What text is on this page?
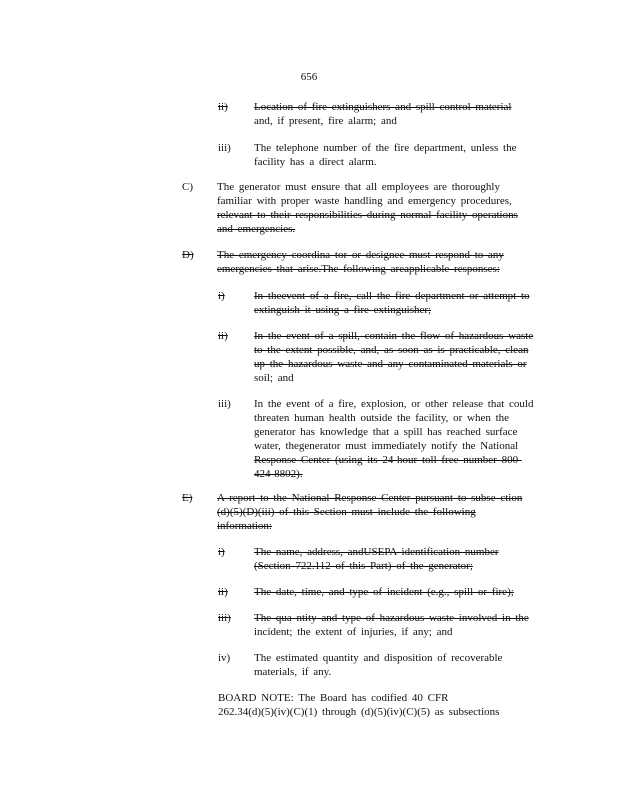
656
ii) Location of fire extinguishers and spill control material
and, if present, fire alarm; and
iii) The telephone number of the fire department, unless the
facility has a direct alarm.
C) The generator must ensure that all employees are thoroughly
familiar with proper waste handling and emergency procedures,
relevant to their responsibilities during normal facility operations
and emergencies.
D) The emergency coordina tor or designee must respond to any
emergencies that arise.The following areapplicable responses:
i)	In theevent of a fire, call the fire department or attempt to
extinguish it using a fire extinguisher;
ii) In the event of a spill, contain the flow of hazardous waste
to the extent possible, and, as soon as is practicable, clean
up the hazardous waste and any contaminated materials or
soil; and
iii) In the event of a fire, explosion, or other release that could
threaten human health outside the facility, or when the
generator has knowledge that a spill has reached surface
water, thegenerator must immediately notify the National
Response Center (using its 24-hour toll free number 800-
424-8802).
E) A report to the National Response Center pursuant to subse ction
(d)(5)(D)(iii) of this Section must include the following
information:
i)	The name, address, andUSEPA identification number
(Section 722.112 of this Part) of the generator;
ii) The date, time, and type of incident (e.g., spill or fire);
iii) The qua ntity and type of hazardous waste involved in the
incident; the extent of injuries, if any; and
iv) The estimated quantity and disposition of recoverable
materials, if any.
BOARD NOTE: The Board has codified 40 CFR
262.34(d)(5)(iv)(C)(1) through (d)(5)(iv)(C)(5) as subsections
